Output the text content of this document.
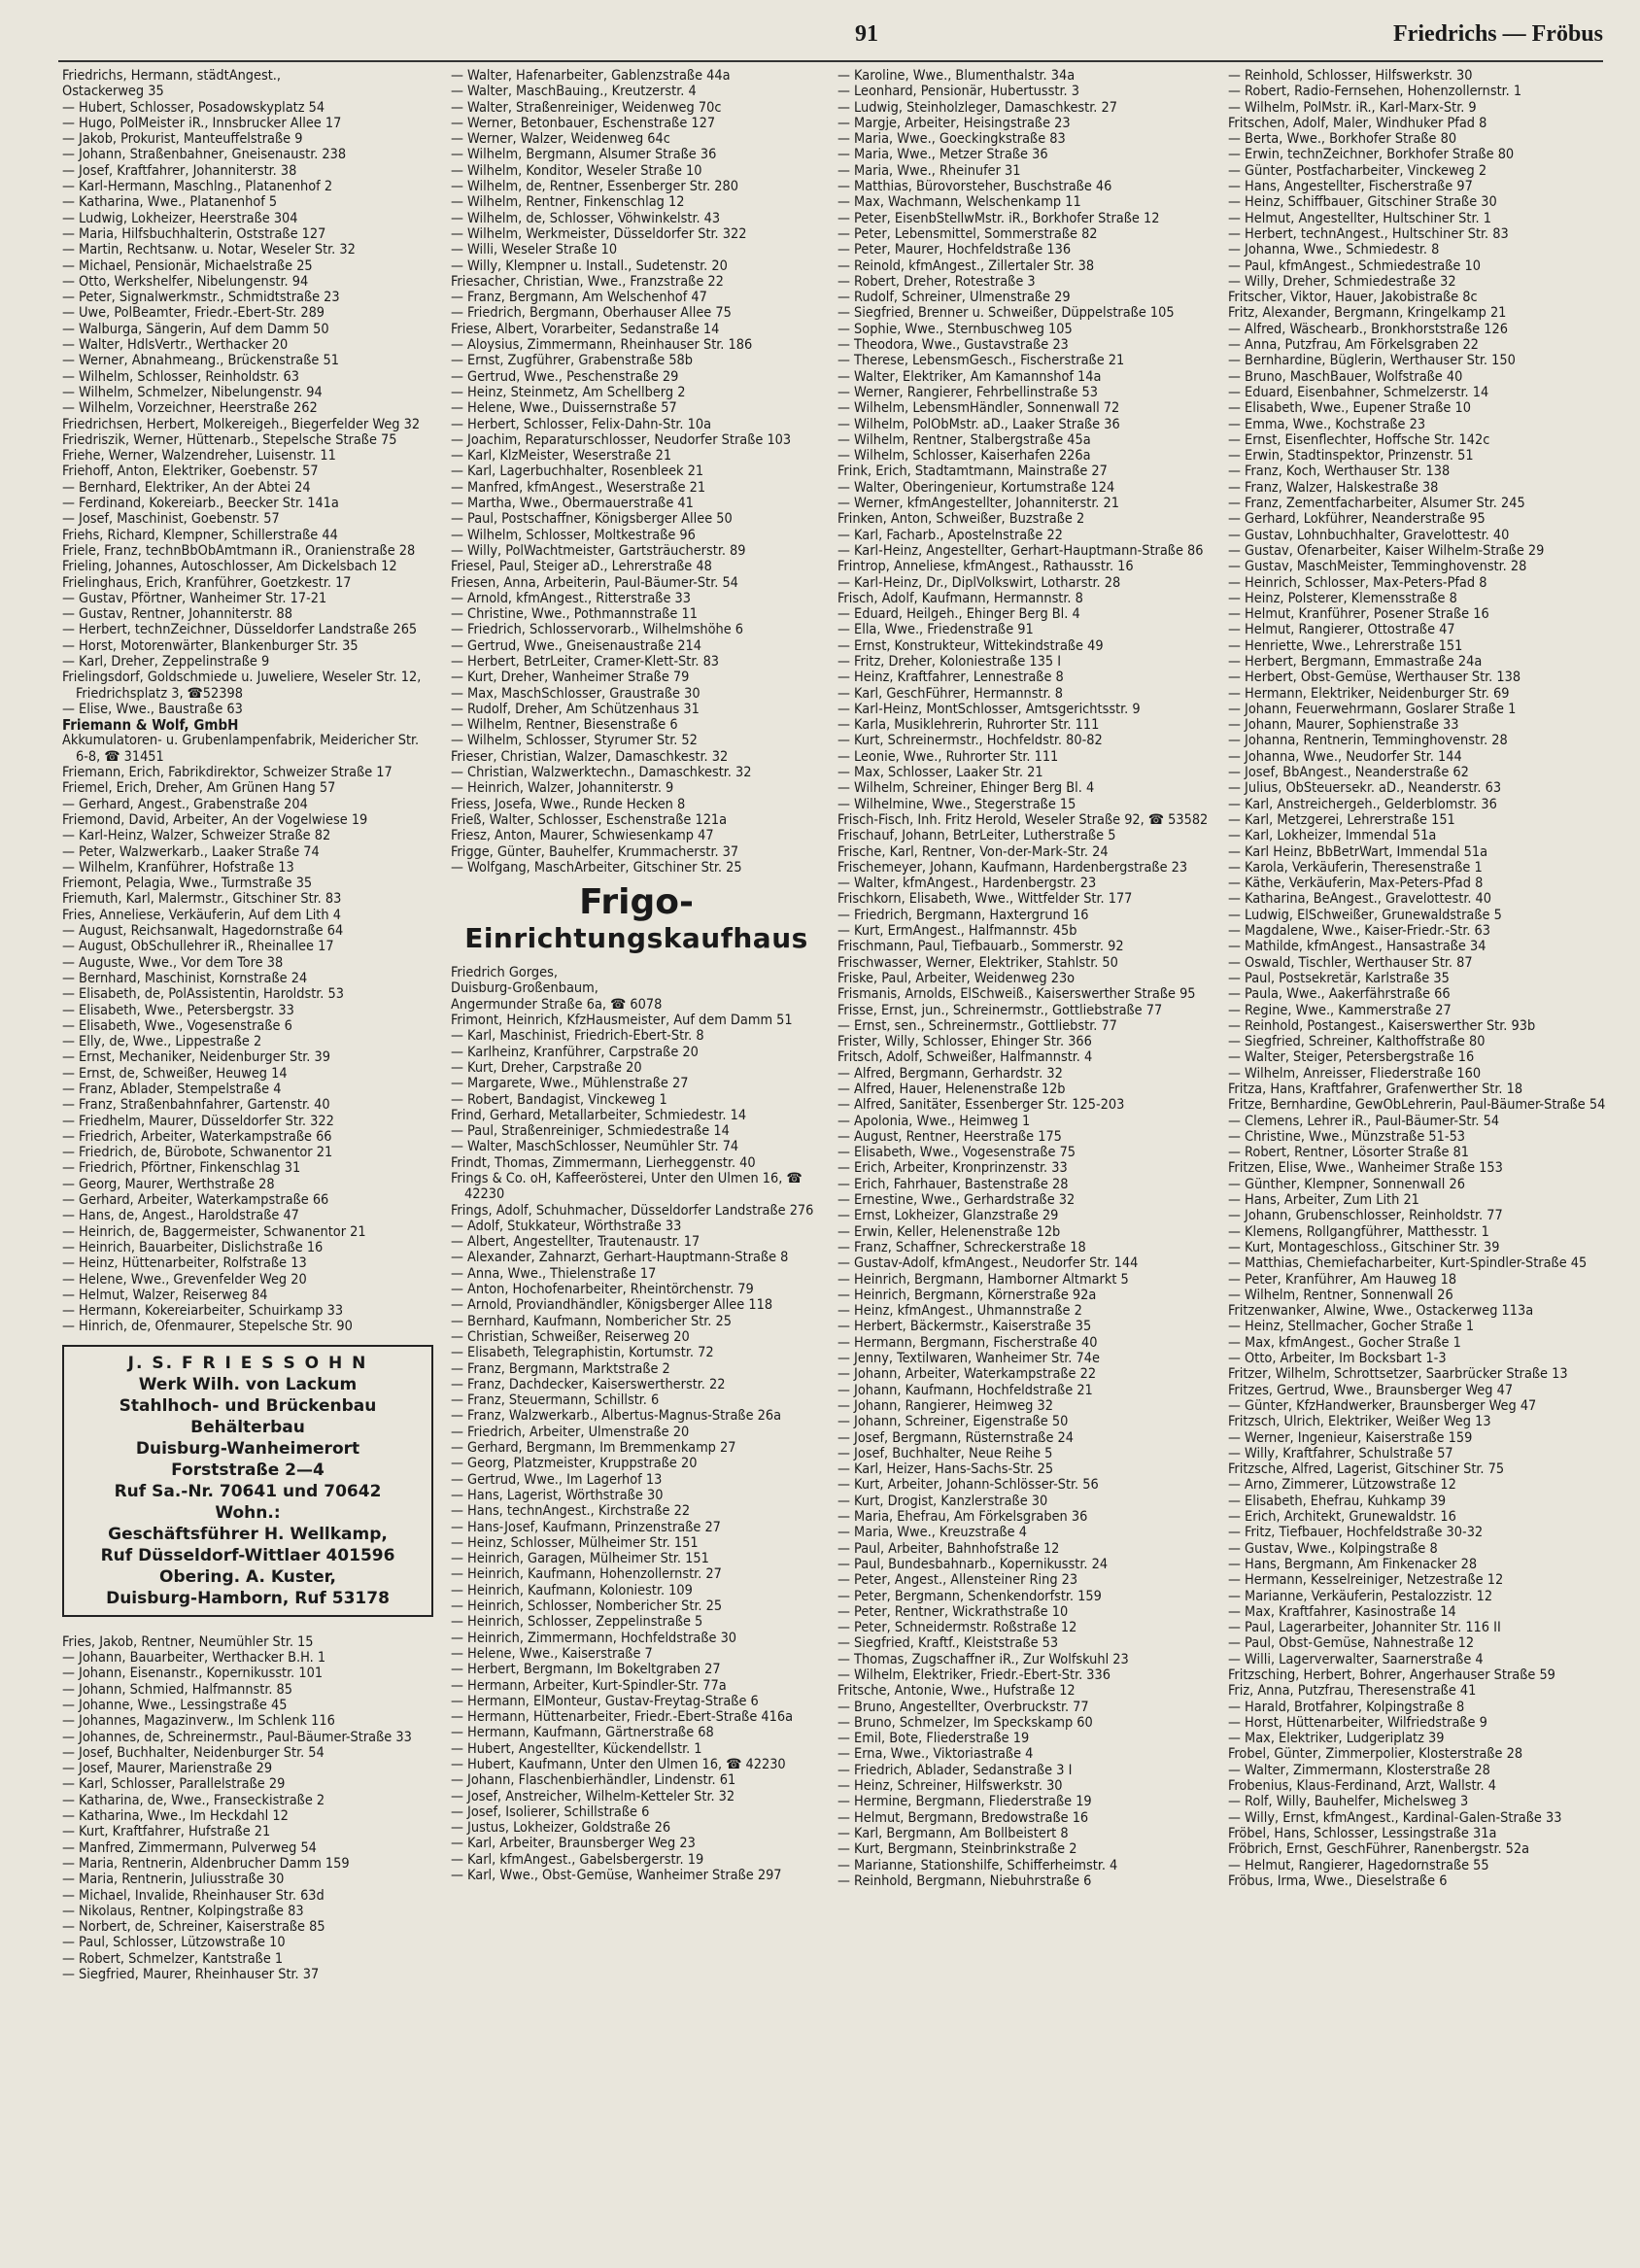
91	Friedrichs — Fröbus
Friedrichs, Hermann, städtAngest.,
Ostackerweg 35
— Hubert, Schlosser, Posadowskyplatz 54
— Hugo, PolMeister iR., Innsbrucker Allee 17
— Jakob, Prokurist, Manteuffelstraße 9
— Johann, Straßenbahner, Gneisenaustr. 238
— Josef, Kraftfahrer, Johanniterstr. 38
— Karl-Hermann, Maschlng., Platanenhof 2
— Katharina, Wwe., Platanenhof 5
— Ludwig, Lokheizer, Heerstraße 304
— Maria, Hilfsbuchhalterin, Oststraße 127
— Martin, Rechtsanw. u. Notar, Weseler Str. 32
— Michael, Pensionär, Michaelstraße 25
— Otto, Werkshelfer, Nibelungenstr. 94
— Peter, Signalwerkmstr., Schmidtstraße 23
— Uwe, PolBeamter, Friedr.-Ebert-Str. 289
— Walburga, Sängerin, Auf dem Damm 50
— Walter, HdlsVertr., Werthacker 20
— Werner, Abnahmeang., Brückenstraße 51
— Wilhelm, Schlosser, Reinholdstr. 63
— Wilhelm, Schmelzer, Nibelungenstr. 94
— Wilhelm, Vorzeichner, Heerstraße 262
Friedrichsen, Herbert, Molkereigeh., Biegerfelder Weg 32
Friedriszik, Werner, Hüttenarb., Stepelsche Straße 75
Friehe, Werner, Walzendreher, Luisenstr. 11
Friehoff, Anton, Elektriker, Goebenstr. 57
— Bernhard, Elektriker, An der Abtei 24
— Ferdinand, Kokereiarb., Beecker Str. 141a
— Josef, Maschinist, Goebenstr. 57
Friehs, Richard, Klempner, Schillerstraße 44
Friele, Franz, technBbObAmtmann iR., Oranienstraße 28
Frieling, Johannes, Autoschlosser, Am Dickelsbach 12
Frielinghaus, Erich, Kranführer, Goetzkestr. 17
— Gustav, Pförtner, Wanheimer Str. 17-21
— Gustav, Rentner, Johanniterstr. 88
— Herbert, technZeichner, Düsseldorfer Landstraße 265
— Horst, Motorenwärter, Blankenburger Str. 35
— Karl, Dreher, Zeppelinstraße 9
Frielingsdorf, Goldschmiede u. Juweliere, Weseler Str. 12, Friedrichsplatz 3, ☎52398
— Elise, Wwe., Baustraße 63
Friemann & Wolf, GmbH
Akkumulatoren- u. Grubenlampenfabrik, Meidericher Str. 6-8, ☎ 31451
Friemann, Erich, Fabrikdirektor, Schweizer Straße 17
Friemel, Erich, Dreher, Am Grünen Hang 57
— Gerhard, Angest., Grabenstraße 204
Friemond, David, Arbeiter, An der Vogelwiese 19
— Karl-Heinz, Walzer, Schweizer Straße 82
— Peter, Walzwerkarb., Laaker Straße 74
— Wilhelm, Kranführer, Hofstraße 13
Friemont, Pelagia, Wwe., Turmstraße 35
Friemuth, Karl, Malermstr., Gitschiner Str. 83
Fries, Anneliese, Verkäuferin, Auf dem Lith 4
— August, Reichsanwalt, Hagedornstraße 64
— August, ObSchullehrer iR., Rheinallee 17
— Auguste, Wwe., Vor dem Tore 38
— Bernhard, Maschinist, Kornstraße 24
— Elisabeth, de, PolAssistentin, Haroldstr. 53
— Elisabeth, Wwe., Petersbergstr. 33
— Elisabeth, Wwe., Vogesenstraße 6
— Elly, de, Wwe., Lippestraße 2
— Ernst, Mechaniker, Neidenburger Str. 39
— Ernst, de, Schweißer, Heuweg 14
— Franz, Ablader, Stempelstraße 4
— Franz, Straßenbahnfahrer, Gartenstr. 40
— Friedhelm, Maurer, Düsseldorfer Str. 322
— Friedrich, Arbeiter, Waterkampstraße 66
— Friedrich, de, Bürobote, Schwanentor 21
— Friedrich, Pförtner, Finkenschlag 31
— Georg, Maurer, Werthstraße 28
— Gerhard, Arbeiter, Waterkampstraße 66
— Hans, de, Angest., Haroldstraße 47
— Heinrich, de, Baggermeister, Schwanentor 21
— Heinrich, Bauarbeiter, Dislichstraße 16
— Heinz, Hüttenarbeiter, Rolfstraße 13
— Helene, Wwe., Grevenfelder Weg 20
— Helmut, Walzer, Reiserweg 84
— Hermann, Kokereiarbeiter, Schuirkamp 33
— Hinrich, de, Ofenmaurer, Stepelsche Str. 90
J. S. F R I E S S O H N
Werk Wilh. von Lackum
Stahlhoch- und Brückenbau
Behälterbau
Duisburg-Wanheimerort
Forststraße 2—4
Ruf Sa.-Nr. 70641 und 70642
Wohn.:
Geschäftsführer H. Wellkamp,
Ruf Düsseldorf-Wittlaer 401596
Obering. A. Kuster,
Duisburg-Hamborn, Ruf 53178
Fries, Jakob, Rentner, Neumühler Str. 15
— Johann, Bauarbeiter, Werthacker B.H. 1
— Johann, Eisenanstr., Kopernikusstr. 101
— Johann, Schmied, Halfmannstr. 85
— Johanne, Wwe., Lessingstraße 45
— Johannes, Magazinverw., Im Schlenk 116
— Johannes, de, Schreinermstr., Paul-Bäumer-Straße 33
— Josef, Buchhalter, Neidenburger Str. 54
— Josef, Maurer, Marienstraße 29
— Karl, Schlosser, Parallelstraße 29
— Katharina, de, Wwe., Franseckistraße 2
— Katharina, Wwe., Im Heckdahl 12
— Kurt, Kraftfahrer, Hufstraße 21
— Manfred, Zimmermann, Pulverweg 54
— Maria, Rentnerin, Aldenbrucher Damm 159
— Maria, Rentnerin, Juliusstraße 30
— Michael, Invalide, Rheinhauser Str. 63d
— Nikolaus, Rentner, Kolpingstraße 83
— Norbert, de, Schreiner, Kaiserstraße 85
— Paul, Schlosser, Lützowstraße 10
— Robert, Schmelzer, Kantstraße 1
— Siegfried, Maurer, Rheinhauser Str. 37
— Walter, Hafenarbeiter, Gablenzstraße 44a
— Walter, MaschBauing., Kreutzerstr. 4
— Walter, Straßenreiniger, Weidenweg 70c
— Werner, Betonbauer, Eschenstraße 127
— Werner, Walzer, Weidenweg 64c
— Wilhelm, Bergmann, Alsumer Straße 36
— Wilhelm, Konditor, Weseler Straße 10
— Wilhelm, de, Rentner, Essenberger Str. 280
— Wilhelm, Rentner, Finkenschlag 12
— Wilhelm, de, Schlosser, Vöhwinkelstr. 43
— Wilhelm, Werkmeister, Düsseldorfer Str. 322
— Willi, Weseler Straße 10
— Willy, Klempner u. Install., Sudetenstr. 20
Friesacher, Christian, Wwe., Franzstraße 22
— Franz, Bergmann, Am Welschenhof 47
— Friedrich, Bergmann, Oberhauser Allee 75
Friese, Albert, Vorarbeiter, Sedanstraße 14
— Aloysius, Zimmermann, Rheinhauser Str. 186
— Ernst, Zugführer, Grabenstraße 58b
— Gertrud, Wwe., Peschenstraße 29
— Heinz, Steinmetz, Am Schellberg 2
— Helene, Wwe., Duissernstraße 57
— Herbert, Schlosser, Felix-Dahn-Str. 10a
— Joachim, Reparaturschlosser, Neudorfer Straße 103
— Karl, KlzMeister, Weserstraße 21
— Karl, Lagerbuchhalter, Rosenbleek 21
— Manfred, kfmAngest., Weserstraße 21
— Martha, Wwe., Obermauerstraße 41
— Paul, Postschaffner, Königsberger Allee 50
— Wilhelm, Schlosser, Moltkestraße 96
— Willy, PolWachtmeister, Gartsträucherstr. 89
Friesel, Paul, Steiger aD., Lehrerstraße 48
Friesen, Anna, Arbeiterin, Paul-Bäumer-Str. 54
— Arnold, kfmAngest., Ritterstraße 33
— Christine, Wwe., Pothmannstraße 11
— Friedrich, Schlosservorarb., Wilhelmshöhe 6
— Gertrud, Wwe., Gneisenaustraße 214
— Herbert, BetrLeiter, Cramer-Klett-Str. 83
— Kurt, Dreher, Wanheimer Straße 79
— Max, MaschSchlosser, Graustraße 30
— Rudolf, Dreher, Am Schützenhaus 31
— Wilhelm, Rentner, Biesenstraße 6
— Wilhelm, Schlosser, Styrumer Str. 52
Frieser, Christian, Walzer, Damaschkestr. 32
— Christian, Walzwerktechn., Damaschkestr. 32
— Heinrich, Walzer, Johanniterstr. 9
Friess, Josefa, Wwe., Runde Hecken 8
Frieß, Walter, Schlosser, Eschenstraße 121a
Friesz, Anton, Maurer, Schwiesenkamp 47
Frigge, Günter, Bauhelfer, Krummacherstr. 37
— Wolfgang, MaschArbeiter, Gitschiner Str. 25
Frigo-
Einrichtungskaufhaus
Friedrich Gorges,
Duisburg-Großenbaum,
Angermunder Straße 6a, ☎ 6078
Frimont, Heinrich, KfzHausmeister, Auf dem Damm 51
— Karl, Maschinist, Friedrich-Ebert-Str. 8
— Karlheinz, Kranführer, Carpstraße 20
— Kurt, Dreher, Carpstraße 20
— Margarete, Wwe., Mühlenstraße 27
— Robert, Bandagist, Vinckeweg 1
Frind, Gerhard, Metallarbeiter, Schmiedestr. 14
— Paul, Straßenreiniger, Schmiedestraße 14
— Walter, MaschSchlosser, Neumühler Str. 74
Frindt, Thomas, Zimmermann, Lierheggenstr. 40
Frings & Co. oH, Kaffeerösterei, Unter den Ulmen 16, ☎ 42230
Frings, Adolf, Schuhmacher, Düsseldorfer Landstraße 276
— Adolf, Stukkateur, Wörthstraße 33
— Albert, Angestellter, Trautenaustr. 17
— Alexander, Zahnarzt, Gerhart-Hauptmann-Straße 8
— Anna, Wwe., Thielenstraße 17
— Anton, Hochofenarbeiter, Rheintörchenstr. 79
— Arnold, Proviandhändler, Königsberger Allee 118
— Bernhard, Kaufmann, Nombericher Str. 25
— Christian, Schweißer, Reiserweg 20
— Elisabeth, Telegraphistin, Kortumstr. 72
— Franz, Bergmann, Marktstraße 2
— Franz, Dachdecker, Kaiserswertherstr. 22
— Franz, Steuermann, Schillstr. 6
— Franz, Walzwerkarb., Albertus-Magnus-Straße 26a
— Friedrich, Arbeiter, Ulmenstraße 20
— Gerhard, Bergmann, Im Bremmenkamp 27
— Georg, Platzmeister, Kruppstraße 20
— Gertrud, Wwe., Im Lagerhof 13
— Hans, Lagerist, Wörthstraße 30
— Hans, technAngest., Kirchstraße 22
— Hans-Josef, Kaufmann, Prinzenstraße 27
— Heinz, Schlosser, Mülheimer Str. 151
— Heinrich, Garagen, Mülheimer Str. 151
— Heinrich, Kaufmann, Hohenzollernstr. 27
— Heinrich, Kaufmann, Koloniestr. 109
— Heinrich, Schlosser, Nombericher Str. 25
— Heinrich, Schlosser, Zeppelinstraße 5
— Heinrich, Zimmermann, Hochfeldstraße 30
— Helene, Wwe., Kaiserstraße 7
— Herbert, Bergmann, Im Bokeltgraben 27
— Hermann, Arbeiter, Kurt-Spindler-Str. 77a
— Hermann, ElMonteur, Gustav-Freytag-Straße 6
— Hermann, Hüttenarbeiter, Friedr.-Ebert-Straße 416a
— Hermann, Kaufmann, Gärtnerstraße 68
— Hubert, Angestellter, Kückendellstr. 1
— Hubert, Kaufmann, Unter den Ulmen 16, ☎ 42230
— Johann, Flaschenbierhändler, Lindenstr. 61
— Josef, Anstreicher, Wilhelm-Ketteler Str. 32
— Josef, Isolierer, Schillstraße 6
— Justus, Lokheizer, Goldstraße 26
— Karl, Arbeiter, Braunsberger Weg 23
— Karl, kfmAngest., Gabelsbergerstr. 19
— Karl, Wwe., Obst-Gemüse, Wanheimer Straße 297
— Karoline, Wwe., Blumenthalstr. 34a
— Leonhard, Pensionär, Hubertusstr. 3
— Ludwig, Steinholzleger, Damaschkestr. 27
— Margje, Arbeiter, Heisingstraße 23
— Maria, Wwe., Goeckingkstraße 83
— Maria, Wwe., Metzer Straße 36
— Maria, Wwe., Rheinufer 31
— Matthias, Bürovorsteher, Buschstraße 46
— Max, Wachmann, Welschenkamp 11
— Peter, EisenbStellwMstr. iR., Borkhofer Straße 12
— Peter, Lebensmittel, Sommerstraße 82
— Peter, Maurer, Hochfeldstraße 136
— Reinold, kfmAngest., Zillertaler Str. 38
— Robert, Dreher, Rotestraße 3
— Rudolf, Schreiner, Ulmenstraße 29
— Siegfried, Brenner u. Schweißer, Düppelstraße 105
— Sophie, Wwe., Sternbuschweg 105
— Theodora, Wwe., Gustavstraße 23
— Therese, LebensmGesch., Fischerstraße 21
— Walter, Elektriker, Am Kamannshof 14a
— Werner, Rangierer, Fehrbellinstraße 53
— Wilhelm, LebensmHändler, Sonnenwall 72
— Wilhelm, PolObMstr. aD., Laaker Straße 36
— Wilhelm, Rentner, Stalbergstraße 45a
— Wilhelm, Schlosser, Kaiserhafen 226a
Frink, Erich, Stadtamtmann, Mainstraße 27
— Walter, Oberingenieur, Kortumstraße 124
— Werner, kfmAngestellter, Johanniterstr. 21
Frinken, Anton, Schweißer, Buzstraße 2
— Karl, Facharb., Apostelnstraße 22
— Karl-Heinz, Angestellter, Gerhart-Hauptmann-Straße 86
Frintrop, Anneliese, kfmAngest., Rathausstr. 16
— Karl-Heinz, Dr., DiplVolkswirt, Lotharstr. 28
Frisch, Adolf, Kaufmann, Hermannstr. 8
— Eduard, Heilgeh., Ehinger Berg Bl. 4
— Ella, Wwe., Friedenstraße 91
— Ernst, Konstrukteur, Wittekindstraße 49
— Fritz, Dreher, Koloniestraße 135 I
— Heinz, Kraftfahrer, Lennestraße 8
— Karl, GeschFührer, Hermannstr. 8
— Karl-Heinz, MontSchlosser, Amtsgerichtsstr. 9
— Karla, Musiklehrerin, Ruhrorter Str. 111
— Kurt, Schreinermstr., Hochfeldstr. 80-82
— Leonie, Wwe., Ruhrorter Str. 111
— Max, Schlosser, Laaker Str. 21
— Wilhelm, Schreiner, Ehinger Berg Bl. 4
— Wilhelmine, Wwe., Stegerstraße 15
Frisch-Fisch, Inh. Fritz Herold, Weseler Straße 92, ☎ 53582
Frischauf, Johann, BetrLeiter, Lutherstraße 5
Frische, Karl, Rentner, Von-der-Mark-Str. 24
Frischemeyer, Johann, Kaufmann, Hardenbergstraße 23
— Walter, kfmAngest., Hardenbergstr. 23
Frischkorn, Elisabeth, Wwe., Wittfelder Str. 177
— Friedrich, Bergmann, Haxtergrund 16
— Kurt, ErmAngest., Halfmannstr. 45b
Frischmann, Paul, Tiefbauarb., Sommerstr. 92
Frischwasser, Werner, Elektriker, Stahlstr. 50
Friske, Paul, Arbeiter, Weidenweg 23o
Frismanis, Arnolds, ElSchweiß., Kaiserswerther Straße 95
Frisse, Ernst, jun., Schreinermstr., Gottliebstraße 77
— Ernst, sen., Schreinermstr., Gottliebstr. 77
Frister, Willy, Schlosser, Ehinger Str. 366
Fritsch, Adolf, Schweißer, Halfmannstr. 4
— Alfred, Bergmann, Gerhardstr. 32
— Alfred, Hauer, Helenenstraße 12b
— Alfred, Sanitäter, Essenberger Str. 125-203
— Apolonia, Wwe., Heimweg 1
— August, Rentner, Heerstraße 175
— Elisabeth, Wwe., Vogesenstraße 75
— Erich, Arbeiter, Kronprinzenstr. 33
— Erich, Fahrhauer, Bastenstraße 28
— Ernestine, Wwe., Gerhardstraße 32
— Ernst, Lokheizer, Glanzstraße 29
— Erwin, Keller, Helenenstraße 12b
— Franz, Schaffner, Schreckerstraße 18
— Gustav-Adolf, kfmAngest., Neudorfer Str. 144
— Heinrich, Bergmann, Hamborner Altmarkt 5
— Heinrich, Bergmann, Körnerstraße 92a
— Heinz, kfmAngest., Uhmannstraße 2
— Herbert, Bäckermstr., Kaiserstraße 35
— Hermann, Bergmann, Fischerstraße 40
— Jenny, Textilwaren, Wanheimer Str. 74e
— Johann, Arbeiter, Waterkampstraße 22
— Johann, Kaufmann, Hochfeldstraße 21
— Johann, Rangierer, Heimweg 32
— Johann, Schreiner, Eigenstraße 50
— Josef, Bergmann, Rüsternstraße 24
— Josef, Buchhalter, Neue Reihe 5
— Karl, Heizer, Hans-Sachs-Str. 25
— Kurt, Arbeiter, Johann-Schlösser-Str. 56
— Kurt, Drogist, Kanzlerstraße 30
— Maria, Ehefrau, Am Förkelsgraben 36
— Maria, Wwe., Kreuzstraße 4
— Paul, Arbeiter, Bahnhofstraße 12
— Paul, Bundesbahnarb., Kopernikusstr. 24
— Peter, Angest., Allensteiner Ring 23
— Peter, Bergmann, Schenkendorfstr. 159
— Peter, Rentner, Wickrathstraße 10
— Peter, Schneidermstr. Roßstraße 12
— Siegfried, Kraftf., Kleiststraße 53
— Thomas, Zugschaffner iR., Zur Wolfskuhl 23
— Wilhelm, Elektriker, Friedr.-Ebert-Str. 336
Fritsche, Antonie, Wwe., Hufstraße 12
— Bruno, Angestellter, Overbruckstr. 77
— Bruno, Schmelzer, Im Speckskamp 60
— Emil, Bote, Fliederstraße 19
— Erna, Wwe., Viktoriastraße 4
— Friedrich, Ablader, Sedanstraße 3 I
— Heinz, Schreiner, Hilfswerkstr. 30
— Hermine, Bergmann, Fliederstraße 19
— Helmut, Bergmann, Bredowstraße 16
— Karl, Bergmann, Am Bollbeistert 8
— Kurt, Bergmann, Steinbrinkstraße 2
— Marianne, Stationshilfe, Schifferheimstr. 4
— Reinhold, Bergmann, Niebuhrstraße 6
— Reinhold, Schlosser, Hilfswerkstr. 30
— Robert, Radio-Fernsehen, Hohenzollernstr. 1
— Wilhelm, PolMstr. iR., Karl-Marx-Str. 9
Fritschen, Adolf, Maler, Windhuker Pfad 8
— Berta, Wwe., Borkhofer Straße 80
— Erwin, technZeichner, Borkhofer Straße 80
— Günter, Postfacharbeiter, Vinckeweg 2
— Hans, Angestellter, Fischerstraße 97
— Heinz, Schiffbauer, Gitschiner Straße 30
— Helmut, Angestellter, Hultschiner Str. 1
— Herbert, technAngest., Hultschiner Str. 83
— Johanna, Wwe., Schmiedestr. 8
— Paul, kfmAngest., Schmiedestraße 10
— Willy, Dreher, Schmiedestraße 32
Fritscher, Viktor, Hauer, Jakobistraße 8c
Fritz, Alexander, Bergmann, Kringelkamp 21
— Alfred, Wäschearb., Bronkhorststraße 126
— Anna, Putzfrau, Am Förkelsgraben 22
— Bernhardine, Büglerin, Werthauser Str. 150
— Bruno, MaschBauer, Wolfstraße 40
— Eduard, Eisenbahner, Schmelzerstr. 14
— Elisabeth, Wwe., Eupener Straße 10
— Emma, Wwe., Kochstraße 23
— Ernst, Eisenflechter, Hoffsche Str. 142c
— Erwin, Stadtinspektor, Prinzenstr. 51
— Franz, Koch, Werthauser Str. 138
— Franz, Walzer, Halskestraße 38
— Franz, Zementfacharbeiter, Alsumer Str. 245
— Gerhard, Lokführer, Neanderstraße 95
— Gustav, Lohnbuchhalter, Gravelottestr. 40
— Gustav, Ofenarbeiter, Kaiser Wilhelm-Straße 29
— Gustav, MaschMeister, Temminghovenstr. 28
— Heinrich, Schlosser, Max-Peters-Pfad 8
— Heinz, Polsterer, Klemensstraße 8
— Helmut, Kranführer, Posener Straße 16
— Helmut, Rangierer, Ottostraße 47
— Henriette, Wwe., Lehrerstraße 151
— Herbert, Bergmann, Emmastraße 24a
— Herbert, Obst-Gemüse, Werthauser Str. 138
— Hermann, Elektriker, Neidenburger Str. 69
— Johann, Feuerwehrmann, Goslarer Straße 1
— Johann, Maurer, Sophienstraße 33
— Johanna, Rentnerin, Temminghovenstr. 28
— Johanna, Wwe., Neudorfer Str. 144
— Josef, BbAngest., Neanderstraße 62
— Julius, ObSteuersekr. aD., Neanderstr. 63
— Karl, Anstreichergeh., Gelderblomstr. 36
— Karl, Metzgerei, Lehrerstraße 151
— Karl, Lokheizer, Immendal 51a
— Karl Heinz, BbBetrWart, Immendal 51a
— Karola, Verkäuferin, Theresenstraße 1
— Käthe, Verkäuferin, Max-Peters-Pfad 8
— Katharina, BeAngest., Gravelottestr. 40
— Ludwig, ElSchweißer, Grunewaldstraße 5
— Magdalene, Wwe., Kaiser-Friedr.-Str. 63
— Mathilde, kfmAngest., Hansastraße 34
— Oswald, Tischler, Werthauser Str. 87
— Paul, Postsekretär, Karlstraße 35
— Paula, Wwe., Aakerfährstraße 66
— Regine, Wwe., Kammerstraße 27
— Reinhold, Postangest., Kaiserswerther Str. 93b
— Siegfried, Schreiner, Kalthoffstraße 80
— Walter, Steiger, Petersbergstraße 16
— Wilhelm, Anreisser, Fliederstraße 160
Fritza, Hans, Kraftfahrer, Grafenwerther Str. 18
Fritze, Bernhardine, GewObLehrerin, Paul-Bäumer-Straße 54
— Clemens, Lehrer iR., Paul-Bäumer-Str. 54
— Christine, Wwe., Münzstraße 51-53
— Robert, Rentner, Lösorter Straße 81
Fritzen, Elise, Wwe., Wanheimer Straße 153
— Günther, Klempner, Sonnenwall 26
— Hans, Arbeiter, Zum Lith 21
— Johann, Grubenschlosser, Reinholdstr. 77
— Klemens, Rollgangführer, Matthesstr. 1
— Kurt, Montageschloss., Gitschiner Str. 39
— Matthias, Chemiefacharbeiter, Kurt-Spindler-Straße 45
— Peter, Kranführer, Am Hauweg 18
— Wilhelm, Rentner, Sonnenwall 26
Fritzenwanker, Alwine, Wwe., Ostackerweg 113a
— Heinz, Stellmacher, Gocher Straße 1
— Max, kfmAngest., Gocher Straße 1
— Otto, Arbeiter, Im Bocksbart 1-3
Fritzer, Wilhelm, Schrottsetzer, Saarbrücker Straße 13
Fritzes, Gertrud, Wwe., Braunsberger Weg 47
— Günter, KfzHandwerker, Braunsberger Weg 47
Fritzsch, Ulrich, Elektriker, Weißer Weg 13
— Werner, Ingenieur, Kaiserstraße 159
— Willy, Kraftfahrer, Schulstraße 57
Fritzsche, Alfred, Lagerist, Gitschiner Str. 75
— Arno, Zimmerer, Lützowstraße 12
— Elisabeth, Ehefrau, Kuhkamp 39
— Erich, Architekt, Grunewaldstr. 16
— Fritz, Tiefbauer, Hochfeldstraße 30-32
— Gustav, Wwe., Kolpingstraße 8
— Hans, Bergmann, Am Finkenacker 28
— Hermann, Kesselreiniger, Netzestraße 12
— Marianne, Verkäuferin, Pestalozzistr. 12
— Max, Kraftfahrer, Kasinostraße 14
— Paul, Lagerarbeiter, Johanniter Str. 116 II
— Paul, Obst-Gemüse, Nahnestraße 12
— Willi, Lagerverwalter, Saarnerstraße 4
Fritzsching, Herbert, Bohrer, Angerhauser Straße 59
Friz, Anna, Putzfrau, Theresenstraße 41
— Harald, Brotfahrer, Kolpingstraße 8
— Horst, Hüttenarbeiter, Wilfriedstraße 9
— Max, Elektriker, Ludgeriplatz 39
Frobel, Günter, Zimmerpolier, Klosterstraße 28
— Walter, Zimmermann, Klosterstraße 28
Frobenius, Klaus-Ferdinand, Arzt, Wallstr. 4
— Rolf, Willy, Bauhelfer, Michelsweg 3
— Willy, Ernst, kfmAngest., Kardinal-Galen-Straße 33
Fröbel, Hans, Schlosser, Lessingstraße 31a
Fröbrich, Ernst, GeschFührer, Ranenbergstr. 52a
— Helmut, Rangierer, Hagedornstraße 55
Fröbus, Irma, Wwe., Dieselstraße 6
